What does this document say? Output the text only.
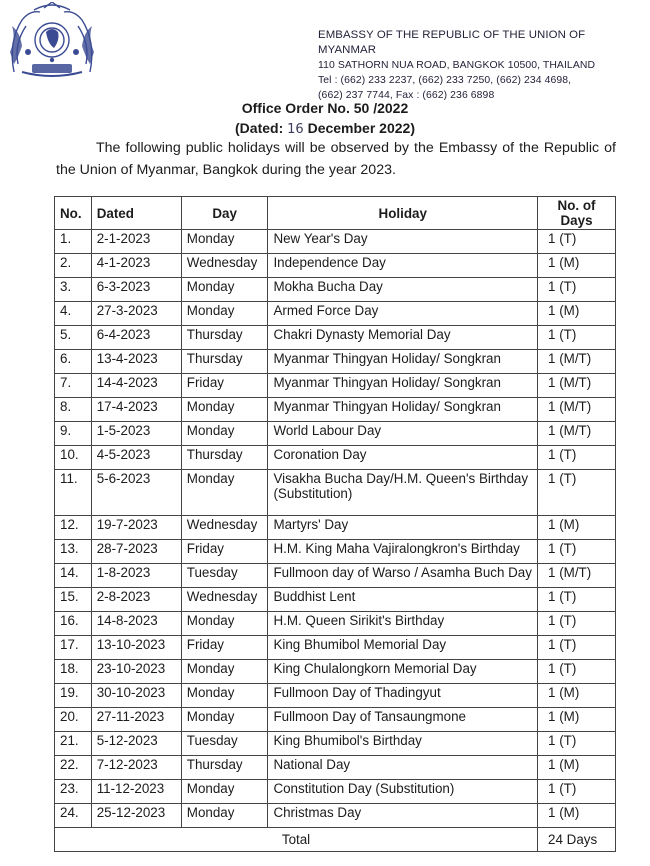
EMBASSY OF THE REPUBLIC OF THE UNION OF MYANMAR
110 SATHORN NUA ROAD, BANGKOK 10500, THAILAND
Tel : (662) 233 2237, (662) 233 7250, (662) 234 4698,
(662) 237 7744, Fax : (662) 236 6898
Office Order No. 50 /2022
(Dated: 16 December 2022)
The following public holidays will be observed by the Embassy of the Republic of the Union of Myanmar, Bangkok during the year 2023.
No.	Dated	Day	Holiday	No. of Days
1.	2-1-2023	Monday	New Year's Day	1 (T)
2.	4-1-2023	Wednesday	Independence Day	1 (M)
3.	6-3-2023	Monday	Mokha Bucha Day	1 (T)
4.	27-3-2023	Monday	Armed Force Day	1 (M)
5.	6-4-2023	Thursday	Chakri Dynasty Memorial Day	1 (T)
6.	13-4-2023	Thursday	Myanmar Thingyan Holiday/ Songkran	1 (M/T)
7.	14-4-2023	Friday	Myanmar Thingyan Holiday/ Songkran	1 (M/T)
8.	17-4-2023	Monday	Myanmar Thingyan Holiday/ Songkran	1 (M/T)
9.	1-5-2023	Monday	World Labour Day	1 (M/T)
10.	4-5-2023	Thursday	Coronation Day	1 (T)
11.	5-6-2023	Monday	Visakha Bucha Day/H.M. Queen's Birthday (Substitution)	1 (T)
12.	19-7-2023	Wednesday	Martyrs' Day	1 (M)
13.	28-7-2023	Friday	H.M. King Maha Vajiralongkron's Birthday	1 (T)
14.	1-8-2023	Tuesday	Fullmoon day of Warso / Asamha Buch Day	1 (M/T)
15.	2-8-2023	Wednesday	Buddhist Lent	1 (T)
16.	14-8-2023	Monday	H.M. Queen Sirikit's Birthday	1 (T)
17.	13-10-2023	Friday	King Bhumibol Memorial Day	1 (T)
18.	23-10-2023	Monday	King Chulalongkorn Memorial Day	1 (T)
19.	30-10-2023	Monday	Fullmoon Day of Thadingyut	1 (M)
20.	27-11-2023	Monday	Fullmoon Day of Tansaungmone	1 (M)
21.	5-12-2023	Tuesday	King Bhumibol's Birthday	1 (T)
22.	7-12-2023	Thursday	National Day	1 (M)
23.	11-12-2023	Monday	Constitution Day (Substitution)	1 (T)
24.	25-12-2023	Monday	Christmas Day	1 (M)
Total				24 Days
